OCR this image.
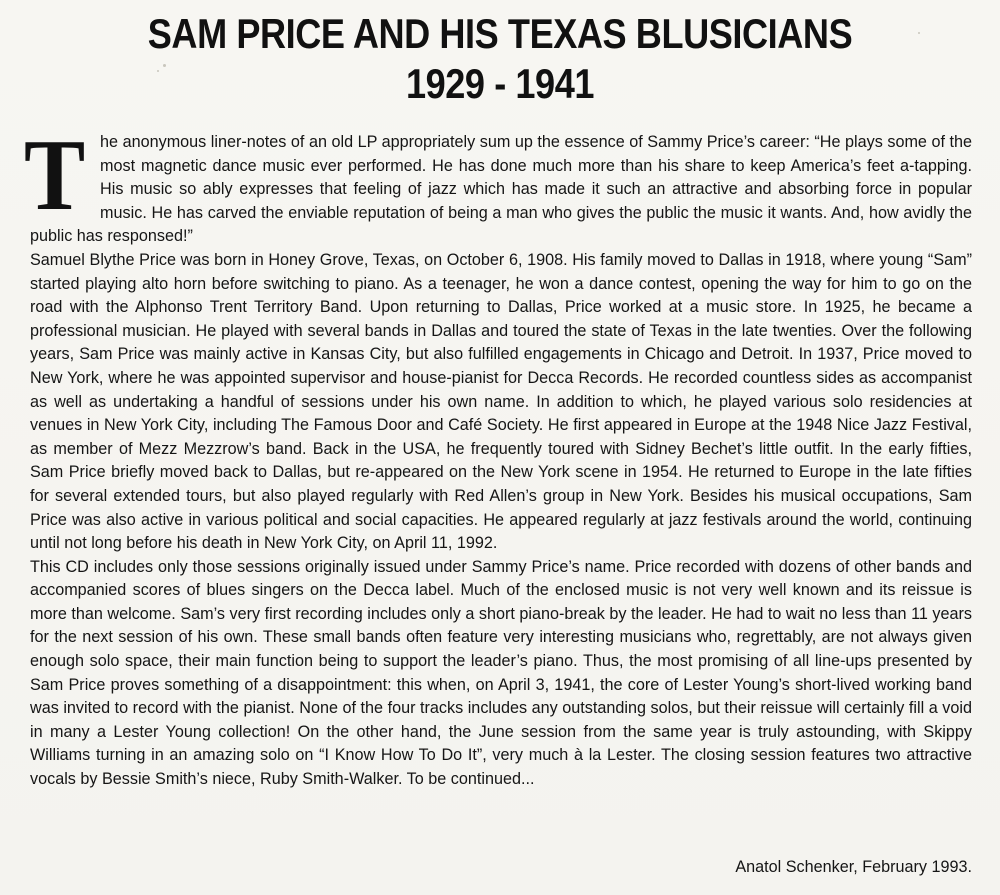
SAM PRICE AND HIS TEXAS BLUSICIANS
1929 - 1941

The anonymous liner-notes of an old LP appropriately sum up the essence of Sammy Price’s career: “He plays some of the most magnetic dance music ever performed. He has done much more than his share to keep America’s feet a-tapping. His music so ably expresses that feeling of jazz which has made it such an attractive and absorbing force in popular music. He has carved the enviable reputation of being a man who gives the public the music it wants. And, how avidly the public has responsed!”

Samuel Blythe Price was born in Honey Grove, Texas, on October 6, 1908. His family moved to Dallas in 1918, where young “Sam” started playing alto horn before switching to piano. As a teenager, he won a dance contest, opening the way for him to go on the road with the Alphonso Trent Territory Band. Upon returning to Dallas, Price worked at a music store. In 1925, he became a professional musician. He played with several bands in Dallas and toured the state of Texas in the late twenties. Over the following years, Sam Price was mainly active in Kansas City, but also fulfilled engagements in Chicago and Detroit. In 1937, Price moved to New York, where he was appointed supervisor and house-pianist for Decca Records. He recorded countless sides as accompanist as well as undertaking a handful of sessions under his own name. In addition to which, he played various solo residencies at venues in New York City, including The Famous Door and Café Society. He first appeared in Europe at the 1948 Nice Jazz Festival, as member of Mezz Mezzrow’s band. Back in the USA, he frequently toured with Sidney Bechet’s little outfit. In the early fifties, Sam Price briefly moved back to Dallas, but re-appeared on the New York scene in 1954. He returned to Europe in the late fifties for several extended tours, but also played regularly with Red Allen’s group in New York. Besides his musical occupations, Sam Price was also active in various political and social capacities. He appeared regularly at jazz festivals around the world, continuing until not long before his death in New York City, on April 11, 1992.

This CD includes only those sessions originally issued under Sammy Price’s name. Price recorded with dozens of other bands and accompanied scores of blues singers on the Decca label. Much of the enclosed music is not very well known and its reissue is more than welcome. Sam’s very first recording includes only a short piano-break by the leader. He had to wait no less than 11 years for the next session of his own. These small bands often feature very interesting musicians who, regrettably, are not always given enough solo space, their main function being to support the leader’s piano. Thus, the most promising of all line-ups presented by Sam Price proves something of a disappointment: this when, on April 3, 1941, the core of Lester Young’s short-lived working band was invited to record with the pianist. None of the four tracks includes any outstanding solos, but their reissue will certainly fill a void in many a Lester Young collection! On the other hand, the June session from the same year is truly astounding, with Skippy Williams turning in an amazing solo on “I Know How To Do It”, very much à la Lester. The closing session features two attractive vocals by Bessie Smith’s niece, Ruby Smith-Walker. To be continued...

Anatol Schenker, February 1993.
